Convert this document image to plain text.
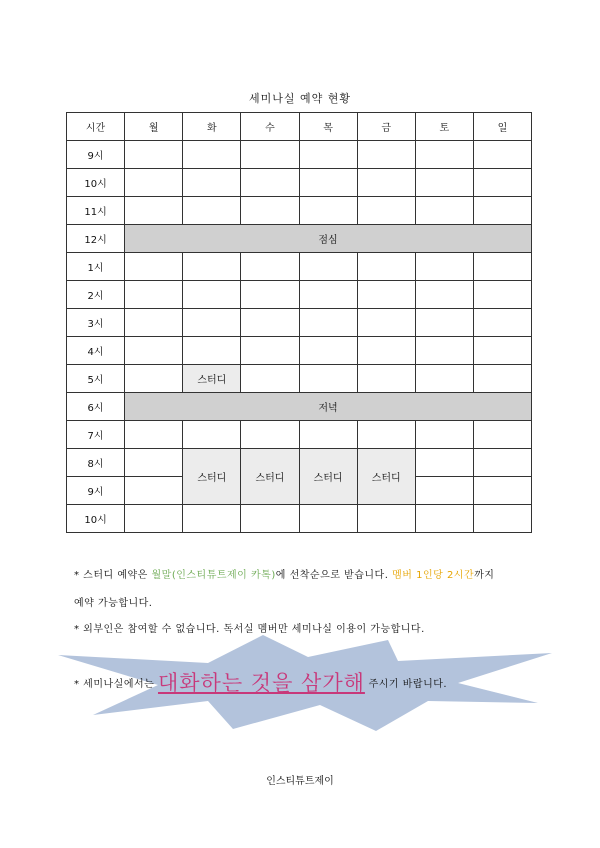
세미나실 예약 현황
시간	월	화	수	목	금	토	일
9시							
10시							
11시							
12시	점심						
1시							
2시							
3시							
4시							
5시		스터디					
6시	저녁						
7시							
8시		스터디	스터디	스터디	스터디		
9시							
10시							
* 스터디 예약은 월말(인스티튜트제이 카톡)에 선착순으로 받습니다. 멤버 1인당 2시간까지
예약 가능합니다.
* 외부인은 참여할 수 없습니다. 독서실 멤버만 세미나실 이용이 가능합니다.
* 세미나실에서는 대화하는 것을 삼가해 주시기 바랍니다.
인스티튜트제이
